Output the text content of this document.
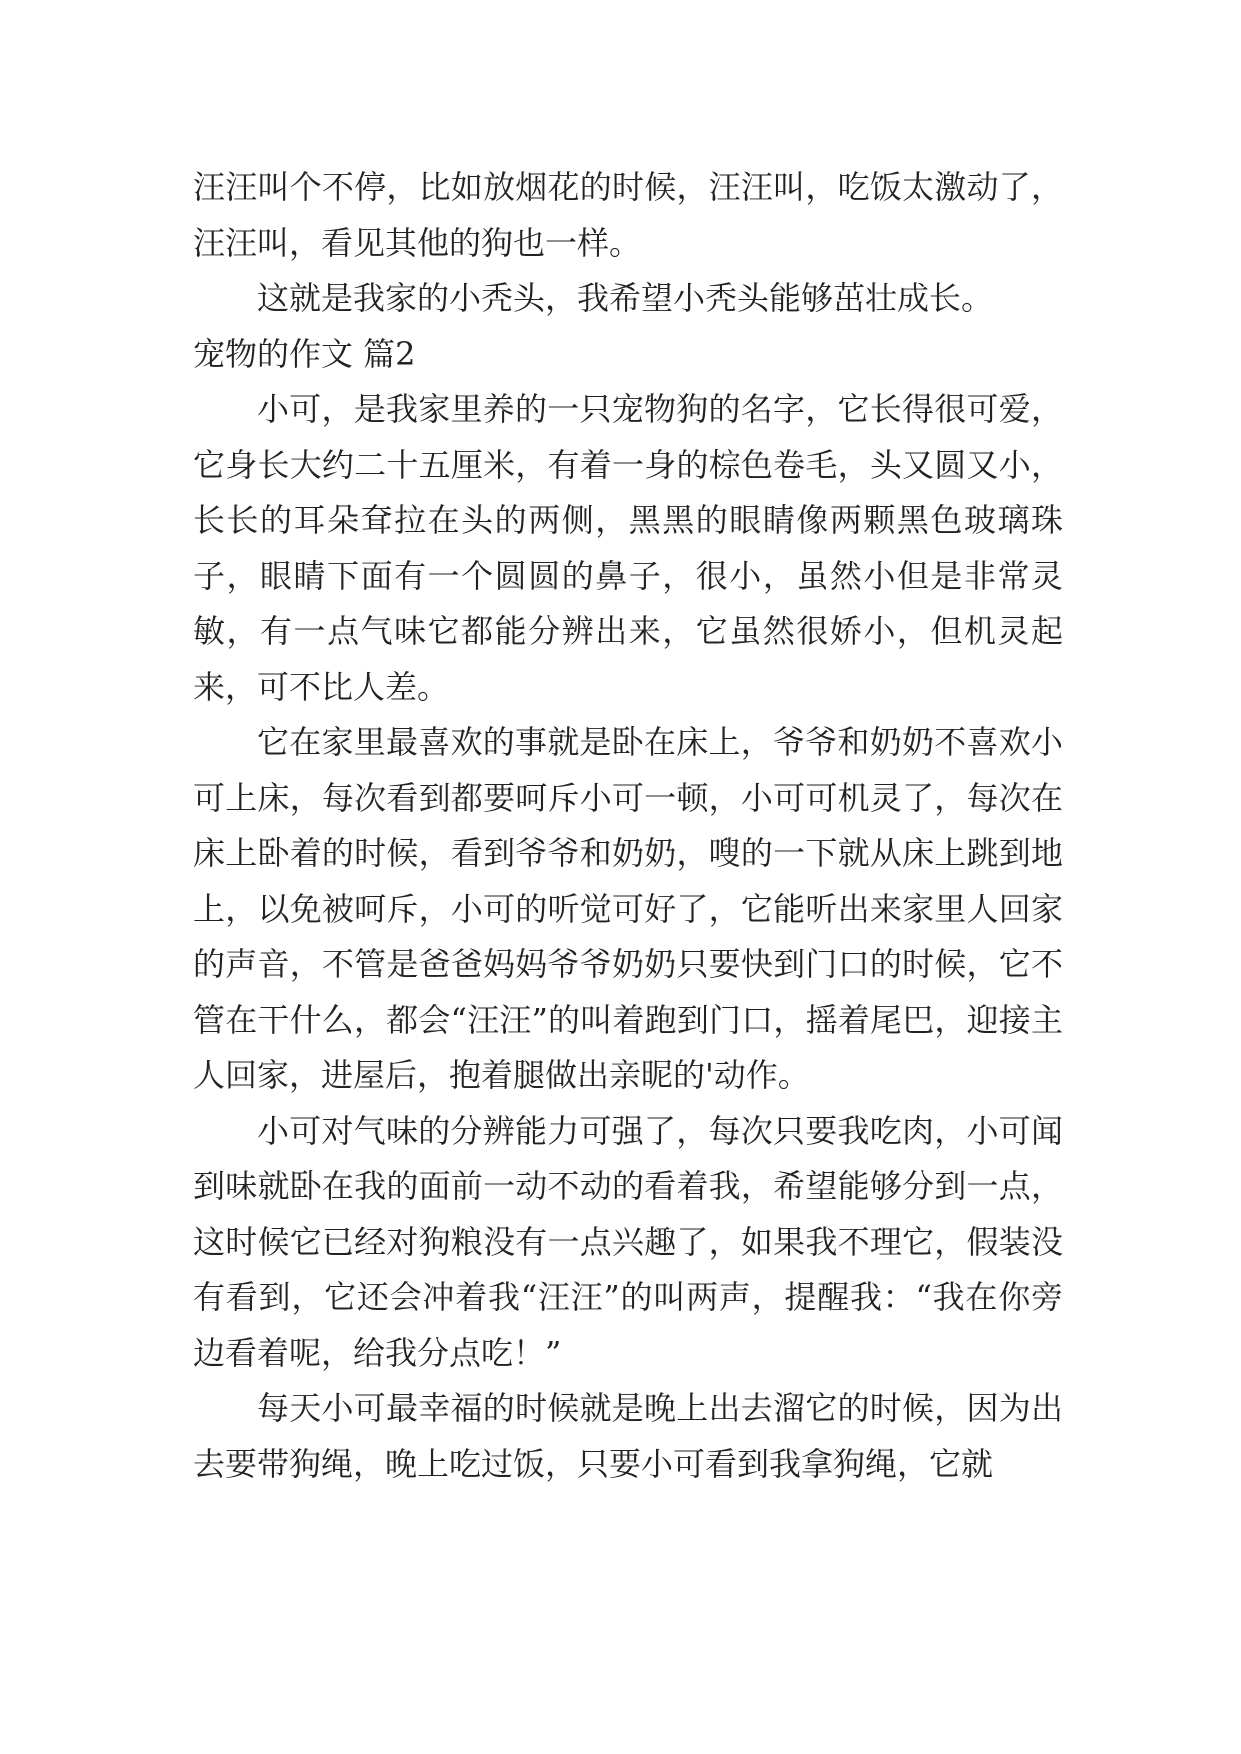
汪汪叫个不停，比如放烟花的时候，汪汪叫，吃饭太激动了，汪汪叫，看见其他的狗也一样。

这就是我家的小秃头，我希望小秃头能够茁壮成长。

宠物的作文 篇2

小可，是我家里养的一只宠物狗的名字，它长得很可爱，它身长大约二十五厘米，有着一身的棕色卷毛，头又圆又小，长长的耳朵耷拉在头的两侧，黑黑的眼睛像两颗黑色玻璃珠子，眼睛下面有一个圆圆的鼻子，很小，虽然小但是非常灵敏，有一点气味它都能分辨出来，它虽然很娇小，但机灵起来，可不比人差。

它在家里最喜欢的事就是卧在床上，爷爷和奶奶不喜欢小可上床，每次看到都要呵斥小可一顿，小可可机灵了，每次在床上卧着的时候，看到爷爷和奶奶，嗖的一下就从床上跳到地上，以免被呵斥，小可的听觉可好了，它能听出来家里人回家的声音，不管是爸爸妈妈爷爷奶奶只要快到门口的时候，它不管在干什么，都会“汪汪”的叫着跑到门口，摇着尾巴，迎接主人回家，进屋后，抱着腿做出亲昵的'动作。

小可对气味的分辨能力可强了，每次只要我吃肉，小可闻到味就卧在我的面前一动不动的看着我，希望能够分到一点，这时候它已经对狗粮没有一点兴趣了，如果我不理它，假装没有看到，它还会冲着我“汪汪”的叫两声，提醒我：“我在你旁边看着呢，给我分点吃！”

每天小可最幸福的时候就是晚上出去溜它的时候，因为出去要带狗绳，晚上吃过饭，只要小可看到我拿狗绳，它就
